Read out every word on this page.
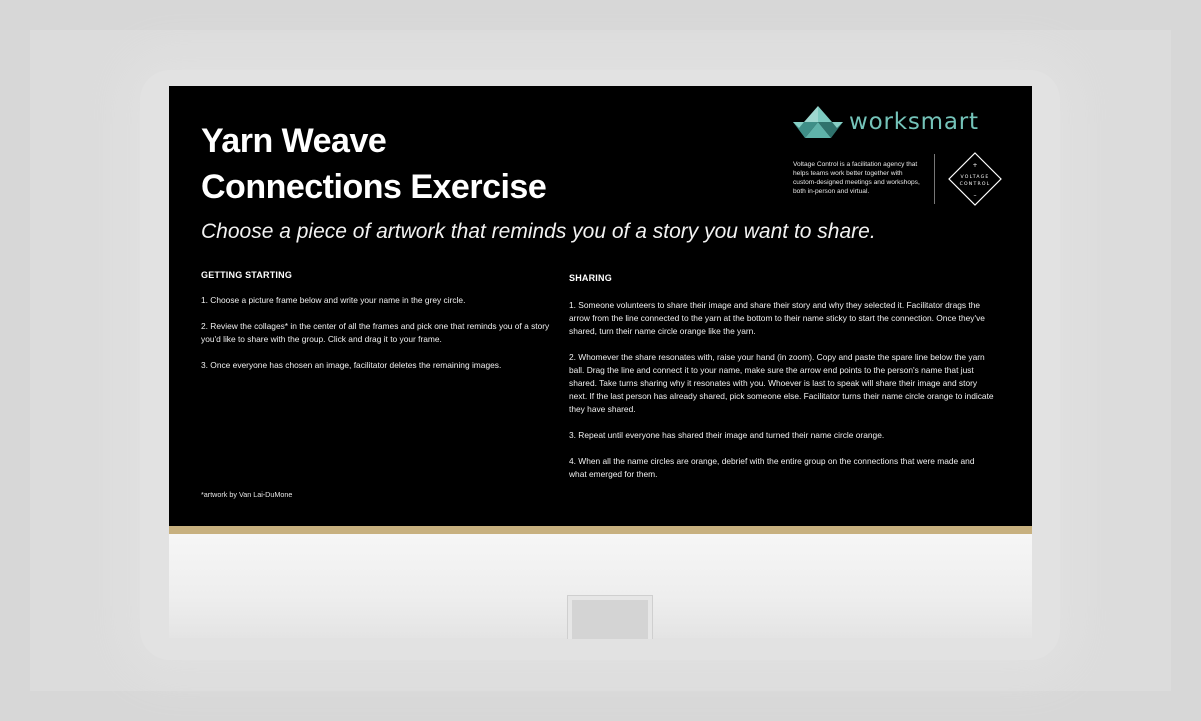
Yarn Weave
Connections Exercise

Choose a piece of artwork that reminds you of a story you want to share.

worksmart
Voltage Control is a facilitation agency that helps teams work better together with custom-designed meetings and workshops, both in-person and virtual.
+
VOLTAGE
CONTROL
–
GETTING STARTING

1. Choose a picture frame below and write your name in the grey circle.

2. Review the collages* in the center of all the frames and pick one that reminds you of a story you'd like to share with the group. Click and drag it to your frame.

3. Once everyone has chosen an image, facilitator deletes the remaining images.

*artwork by Van Lai-DuMone
SHARING

1. Someone volunteers to share their image and share their story and why they selected it. Facilitator drags the arrow from the line connected to the yarn at the bottom to their name sticky to start the connection. Once they've shared, turn their name circle orange like the yarn.

2. Whomever the share resonates with, raise your hand (in zoom). Copy and paste the spare line below the yarn ball. Drag the line and connect it to your name, make sure the arrow end points to the person's name that just shared. Take turns sharing why it resonates with you. Whoever is last to speak will share their image and story next. If the last person has already shared, pick someone else. Facilitator turns their name circle orange to indicate they have shared.

3. Repeat until everyone has shared their image and turned their name circle orange.

4. When all the name circles are orange, debrief with the entire group on the connections that were made and what emerged for them.
